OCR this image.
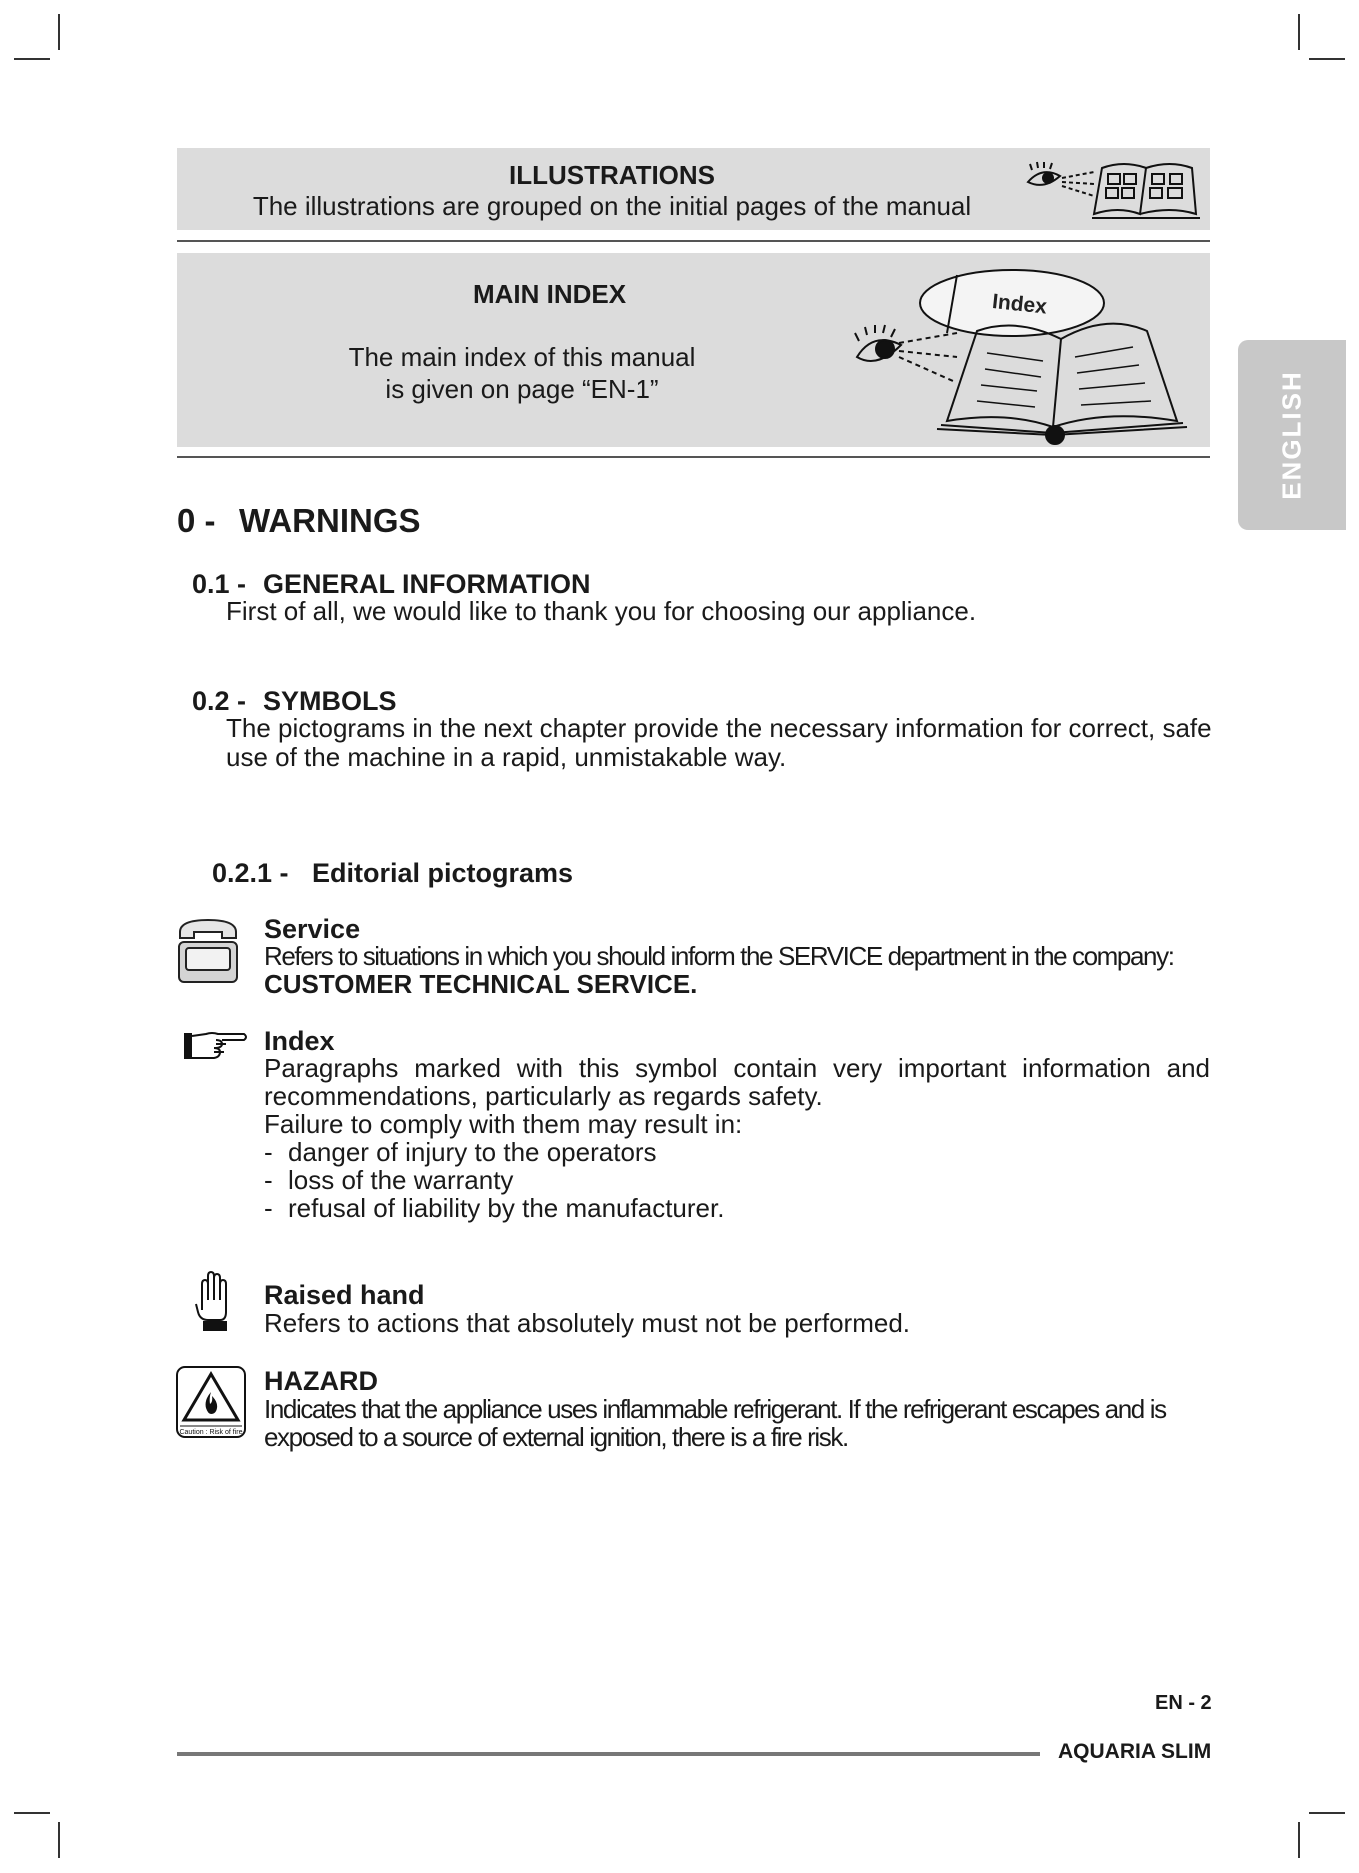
ILLUSTRATIONS
The illustrations are grouped on the initial pages of the manual
MAIN INDEX
The main index of this manual
is given on page “EN-1”
Index
ENGLISH
0 - WARNINGS
0.1 - GENERAL INFORMATION

First of all, we would like to thank you for choosing our appliance.

0.2 - SYMBOLS

The pictograms in the next chapter provide the necessary information for correct, safe use of the machine in a rapid, unmistakable way.

0.2.1 - Editorial pictograms
Service
Refers to situations in which you should inform the SERVICE department in the company:
CUSTOMER TECHNICAL SERVICE.
Index
Paragraphs marked with this symbol contain very important information and recommendations, particularly as regards safety.
Failure to comply with them may result in:
- danger of injury to the operators
- loss of the warranty
- refusal of liability by the manufacturer.
Raised hand
Refers to actions that absolutely must not be performed.
Caution : Risk of fire
HAZARD
Indicates that the appliance uses inflammable refrigerant. If the refrigerant escapes and is exposed to a source of external ignition, there is a fire risk.
EN - 2
AQUARIA SLIM
